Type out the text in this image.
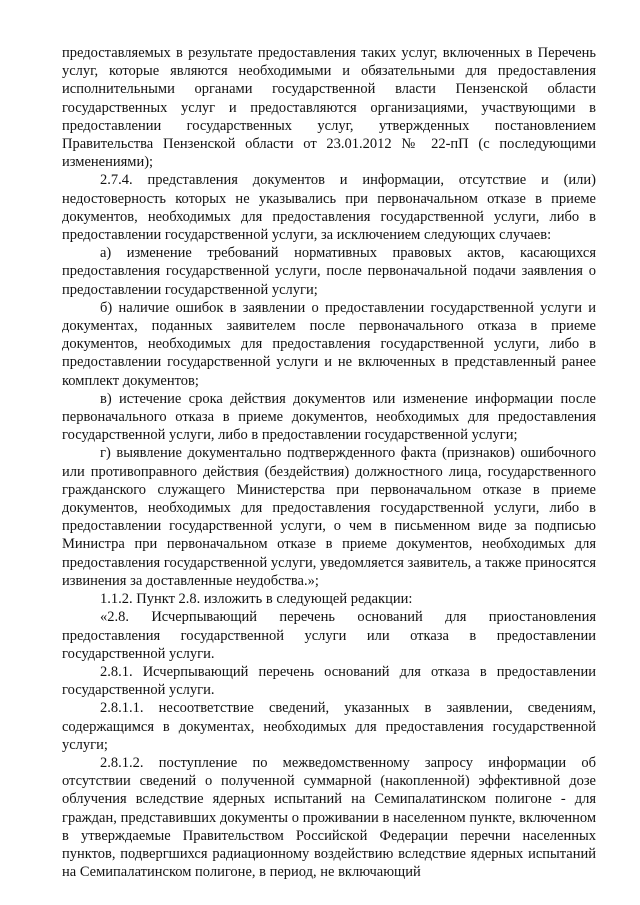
предоставляемых в результате предоставления таких услуг, включенных в Перечень услуг, которые являются необходимыми и обязательными для предоставления исполнительными органами государственной власти Пензенской области государственных услуг и предоставляются организациями, участвующими в предоставлении государственных услуг, утвержденных постановлением Правительства Пензенской области от 23.01.2012 № 22-пП (с последующими изменениями);

2.7.4. представления документов и информации, отсутствие и (или) недостоверность которых не указывались при первоначальном отказе в приеме документов, необходимых для предоставления государственной услуги, либо в предоставлении государственной услуги, за исключением следующих случаев:

а) изменение требований нормативных правовых актов, касающихся предоставления государственной услуги, после первоначальной подачи заявления о предоставлении государственной услуги;

б) наличие ошибок в заявлении о предоставлении государственной услуги и документах, поданных заявителем после первоначального отказа в приеме документов, необходимых для предоставления государственной услуги, либо в предоставлении государственной услуги и не включенных в представленный ранее комплект документов;

в) истечение срока действия документов или изменение информации после первоначального отказа в приеме документов, необходимых для предоставления государственной услуги, либо в предоставлении государственной услуги;

г) выявление документально подтвержденного факта (признаков) ошибочного или противоправного действия (бездействия) должностного лица, государственного гражданского служащего Министерства при первоначальном отказе в приеме документов, необходимых для предоставления государственной услуги, либо в предоставлении государственной услуги, о чем в письменном виде за подписью Министра при первоначальном отказе в приеме документов, необходимых для предоставления государственной услуги, уведомляется заявитель, а также приносятся извинения за доставленные неудобства.»;

1.1.2. Пункт 2.8. изложить в следующей редакции:

«2.8. Исчерпывающий перечень оснований для приостановления предоставления государственной услуги или отказа в предоставлении государственной услуги.

2.8.1. Исчерпывающий перечень оснований для отказа в предоставлении государственной услуги.

2.8.1.1. несоответствие сведений, указанных в заявлении, сведениям, содержащимся в документах, необходимых для предоставления государственной услуги;

2.8.1.2. поступление по межведомственному запросу информации об отсутствии сведений о полученной суммарной (накопленной) эффективной дозе облучения вследствие ядерных испытаний на Семипалатинском полигоне - для граждан, представивших документы о проживании в населенном пункте, включенном в утверждаемые Правительством Российской Федерации перечни населенных пунктов, подвергшихся радиационному воздействию вследствие ядерных испытаний на Семипалатинском полигоне, в период, не включающий
